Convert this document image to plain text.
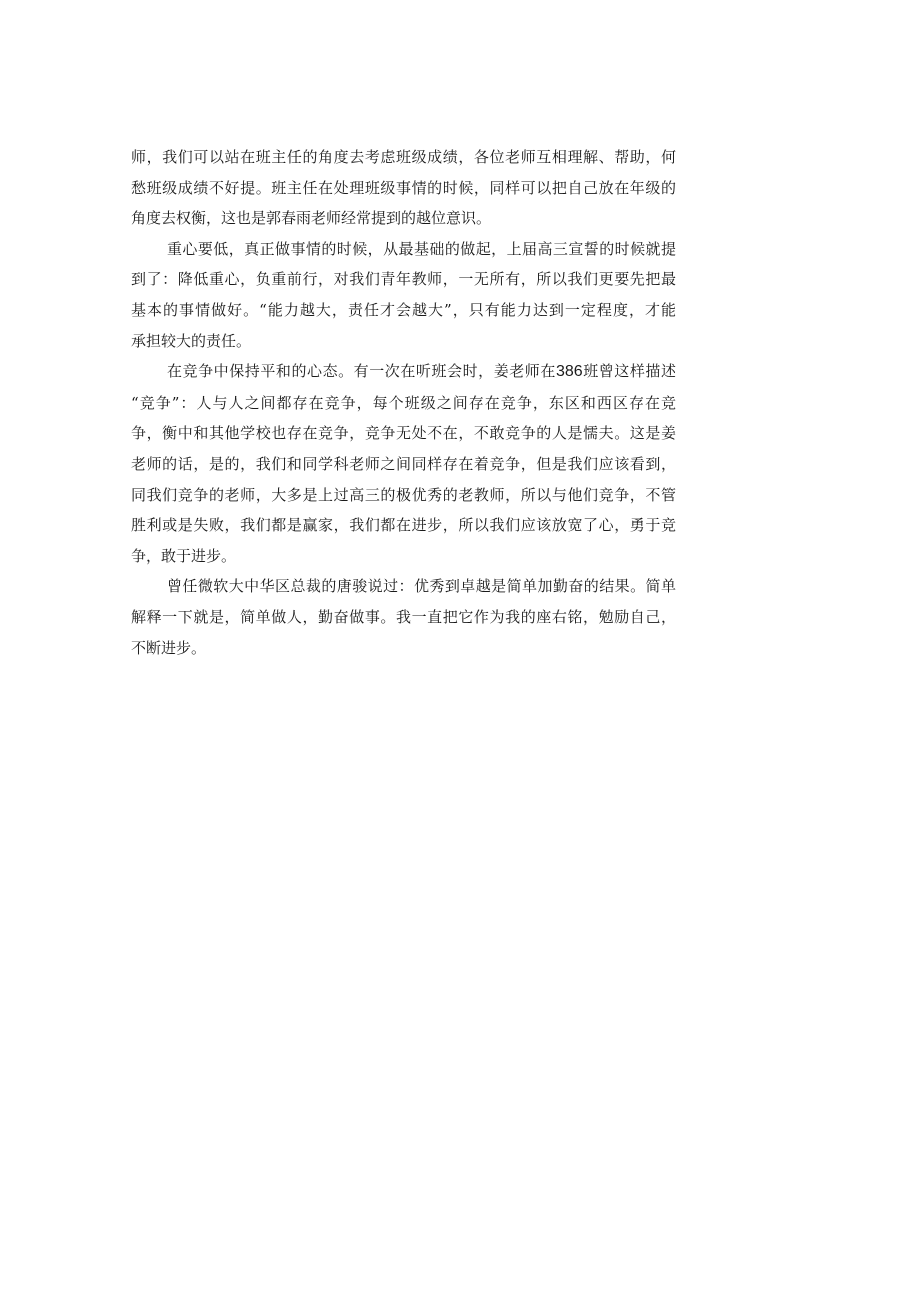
师，我们可以站在班主任的角度去考虑班级成绩，各位老师互相理解、帮助，何
愁班级成绩不好提。班主任在处理班级事情的时候，同样可以把自己放在年级的
角度去权衡，这也是郭春雨老师经常提到的越位意识。
重心要低，真正做事情的时候，从最基础的做起，上届高三宣誓的时候就提
到了：降低重心，负重前行，对我们青年教师，一无所有，所以我们更要先把最
基本的事情做好。“能力越大，责任才会越大”，只有能力达到一定程度，才能
承担较大的责任。
在竞争中保持平和的心态。有一次在听班会时，姜老师在386班曾这样描述
“竞争”：人与人之间都存在竞争，每个班级之间存在竞争，东区和西区存在竞
争，衡中和其他学校也存在竞争，竞争无处不在，不敢竞争的人是懦夫。这是姜
老师的话，是的，我们和同学科老师之间同样存在着竞争，但是我们应该看到，
同我们竞争的老师，大多是上过高三的极优秀的老教师，所以与他们竞争，不管
胜利或是失败，我们都是赢家，我们都在进步，所以我们应该放宽了心，勇于竞
争，敢于进步。
曾任微软大中华区总裁的唐骏说过：优秀到卓越是简单加勤奋的结果。简单
解释一下就是，简单做人，勤奋做事。我一直把它作为我的座右铭，勉励自己，
不断进步。
